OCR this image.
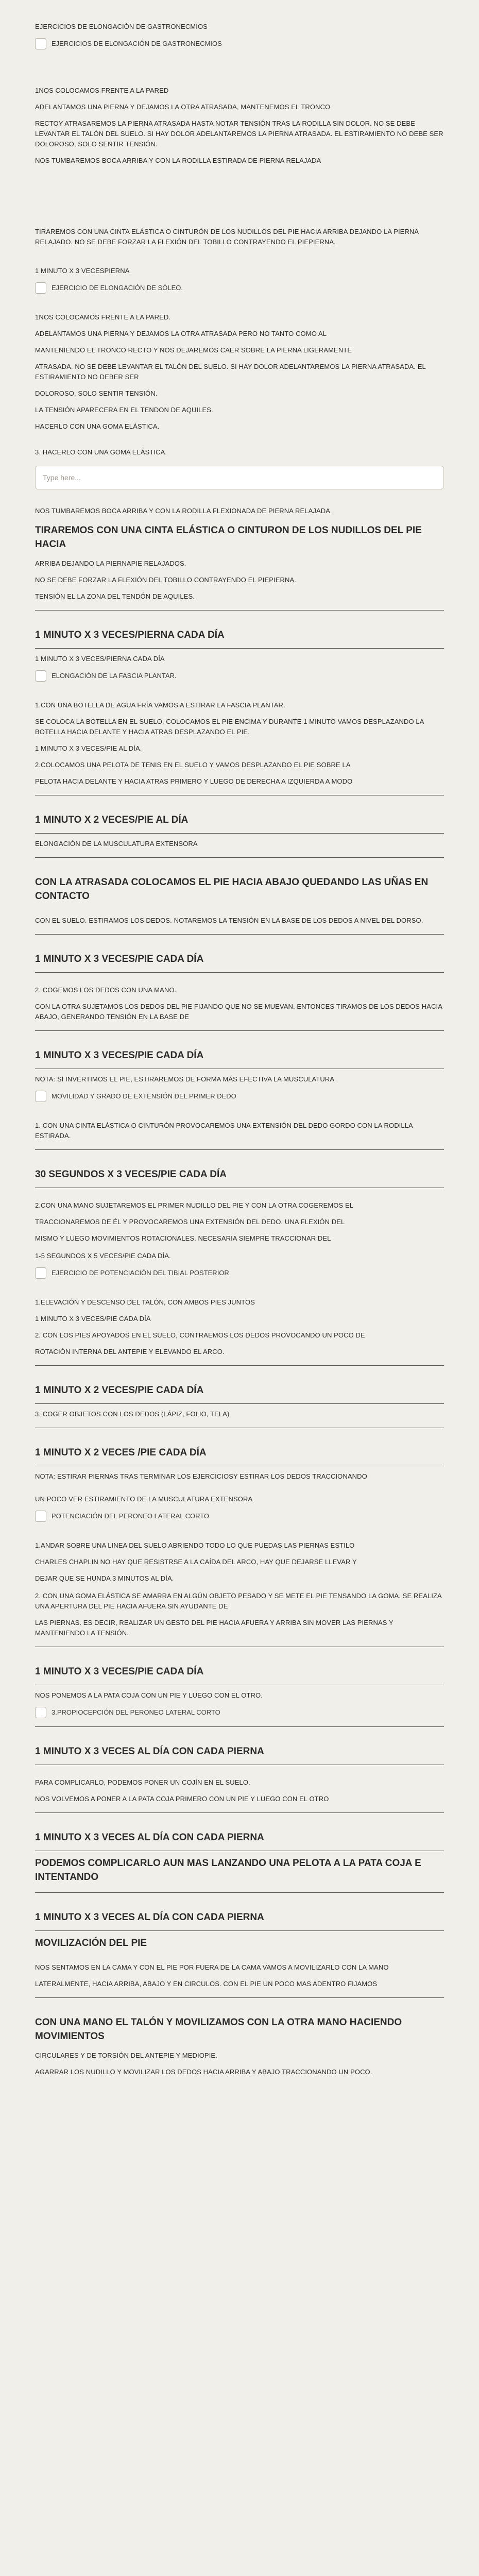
EJERCICIOS DE ELONGACIÓN DE GASTRONECMIOS

EJERCICIOS DE ELONGACIÓN DE GASTRONECMIOS

1NOS COLOCAMOS FRENTE A LA PARED

ADELANTAMOS UNA PIERNA Y DEJAMOS LA OTRA ATRASADA, MANTENEMOS EL TRONCO

RECTOY ATRASAREMOS LA PIERNA ATRASADA HASTA NOTAR TENSIÓN TRAS LA RODILLA SIN DOLOR. NO SE DEBE LEVANTAR EL TALÓN DEL SUELO. SI HAY DOLOR ADELANTAREMOS LA PIERNA ATRASADA. EL ESTIRAMIENTO NO DEBE SER DOLOROSO, SOLO SENTIR TENSIÓN.

NOS TUMBAREMOS BOCA ARRIBA Y CON LA RODILLA ESTIRADA DE PIERNA RELAJADA

TIRAREMOS CON UNA CINTA ELÁSTICA O CINTURÓN DE LOS NUDILLOS DEL PIE HACIA ARRIBA DEJANDO LA PIERNA RELAJADO. NO SE DEBE FORZAR LA FLEXIÓN DEL TOBILLO CONTRAYENDO EL PIEPIERNA.

1 MINUTO X 3 VECESPIERNA

EJERCICIO DE ELONGACIÓN DE SÓLEO.

1NOS COLOCAMOS FRENTE A LA PARED.

ADELANTAMOS UNA PIERNA Y DEJAMOS LA OTRA ATRASADA PERO NO TANTO COMO AL

MANTENIENDO EL TRONCO RECTO Y NOS DEJAREMOS CAER SOBRE LA PIERNA LIGERAMENTE

ATRASADA. NO SE DEBE LEVANTAR EL TALÓN DEL SUELO. SI HAY DOLOR ADELANTAREMOS LA PIERNA ATRASADA. EL ESTIRAMIENTO NO DEBER SER

DOLOROSO, SOLO SENTIR TENSIÓN.

LA TENSIÓN APARECERA EN EL TENDON DE AQUILES.

HACERLO CON UNA GOMA ELÁSTICA.

3. HACERLO CON UNA GOMA ELÁSTICA.

Type here...

NOS TUMBAREMOS BOCA ARRIBA Y CON LA RODILLA FLEXIONADA DE PIERNA RELAJADA

TIRAREMOS CON UNA CINTA ELÁSTICA O CINTURON DE LOS NUDILLOS DEL PIE HACIA

ARRIBA DEJANDO LA PIERNAPIE RELAJADOS.

NO SE DEBE FORZAR LA FLEXIÓN DEL TOBILLO CONTRAYENDO EL PIEPIERNA.

TENSIÓN EL LA ZONA DEL TENDÓN DE AQUILES.

1 MINUTO X 3 VECES/PIERNA CADA DÍA

1 MINUTO X 3 VECES/PIERNA CADA DÍA

ELONGACIÓN DE LA FASCIA PLANTAR.

1.CON UNA BOTELLA DE AGUA FRÍA VAMOS A ESTIRAR LA FASCIA PLANTAR.

SE COLOCA LA BOTELLA EN EL SUELO, COLOCAMOS EL PIE ENCIMA Y DURANTE 1 MINUTO VAMOS DESPLAZANDO LA BOTELLA HACIA DELANTE Y HACIA ATRAS DESPLAZANDO EL PIE.

1 MINUTO X 3 VECES/PIE AL DÍA.

2.COLOCAMOS UNA PELOTA DE TENIS EN EL SUELO Y VAMOS DESPLAZANDO EL PIE SOBRE LA

PELOTA HACIA DELANTE Y HACIA ATRAS PRIMERO Y LUEGO DE DERECHA A IZQUIERDA A MODO

1 MINUTO X 2 VECES/PIE AL DÍA

ELONGACIÓN DE LA MUSCULATURA EXTENSORA

CON LA ATRASADA COLOCAMOS EL PIE HACIA ABAJO QUEDANDO LAS UÑAS EN CONTACTO

CON EL SUELO. ESTIRAMOS LOS DEDOS. NOTAREMOS LA TENSIÓN EN LA BASE DE LOS DEDOS A NIVEL DEL DORSO.

1 MINUTO X 3 VECES/PIE CADA DÍA

2. COGEMOS LOS DEDOS CON UNA MANO.

CON LA OTRA SUJETAMOS LOS DEDOS DEL PIE FIJANDO QUE NO SE MUEVAN. ENTONCES TIRAMOS DE LOS DEDOS HACIA ABAJO, GENERANDO TENSIÓN EN LA BASE DE

1 MINUTO X 3 VECES/PIE CADA DÍA

NOTA: SI INVERTIMOS EL PIE, ESTIRAREMOS DE FORMA MÁS EFECTIVA LA MUSCULATURA

MOVILIDAD Y GRADO DE EXTENSIÓN DEL PRIMER DEDO

1. CON UNA CINTA ELÁSTICA O CINTURÓN PROVOCAREMOS UNA EXTENSIÓN DEL DEDO GORDO CON LA RODILLA ESTIRADA.

30 SEGUNDOS X 3 VECES/PIE CADA DÍA

2.CON UNA MANO SUJETAREMOS EL PRIMER NUDILLO DEL PIE Y CON LA OTRA COGEREMOS EL

TRACCIONAREMOS DE ÉL Y PROVOCAREMOS UNA EXTENSIÓN DEL DEDO. UNA FLEXIÓN DEL

MISMO Y LUEGO MOVIMIENTOS ROTACIONALES. NECESARIA SIEMPRE TRACCIONAR DEL

1-5 SEGUNDOS X 5 VECES/PIE CADA DÍA.

EJERCICIO DE POTENCIACIÓN DEL TIBIAL POSTERIOR

1.ELEVACIÓN Y DESCENSO DEL TALÓN, CON AMBOS PIES JUNTOS

1 MINUTO X 3 VECES/PIE CADA DÍA

2. CON LOS PIES APOYADOS EN EL SUELO, CONTRAEMOS LOS DEDOS PROVOCANDO UN POCO DE

ROTACIÓN INTERNA DEL ANTEPIE Y ELEVANDO EL ARCO.

1 MINUTO X 2 VECES/PIE CADA DÍA

3. COGER OBJETOS CON LOS DEDOS (LÁPIZ, FOLIO, TELA)

1 MINUTO X 2 VECES /PIE CADA DÍA

NOTA: ESTIRAR PIERNAS TRAS TERMINAR LOS EJERCICIOSY ESTIRAR LOS DEDOS TRACCIONANDO

UN POCO VER ESTIRAMIENTO DE LA MUSCULATURA EXTENSORA

POTENCIACIÓN DEL PERONEO LATERAL CORTO

1.ANDAR SOBRE UNA LINEA DEL SUELO ABRIENDO TODO LO QUE PUEDAS LAS PIERNAS ESTILO

CHARLES CHAPLIN NO HAY QUE RESISTRSE A LA CAÍDA DEL ARCO, HAY QUE DEJARSE LLEVAR Y

DEJAR QUE SE HUNDA 3 MINUTOS AL DÍA.

2. CON UNA GOMA ELÁSTICA SE AMARRA EN ALGÚN OBJETO PESADO Y SE METE EL PIE TENSANDO LA GOMA. SE REALIZA UNA APERTURA DEL PIE HACIA AFUERA SIN AYUDANTE DE

LAS PIERNAS. ES DECIR, REALIZAR UN GESTO DEL PIE HACIA AFUERA Y ARRIBA SIN MOVER LAS PIERNAS Y MANTENIENDO LA TENSIÓN.

1 MINUTO X 3 VECES/PIE CADA DÍA

NOS PONEMOS A LA PATA COJA CON UN PIE Y LUEGO CON EL OTRO.

3.PROPIOCEPCIÓN DEL PERONEO LATERAL CORTO
1 MINUTO X 3 VECES AL DÍA CON CADA PIERNA

PARA COMPLICARLO, PODEMOS PONER UN COJÍN EN EL SUELO.

NOS VOLVEMOS A PONER A LA PATA COJA PRIMERO CON UN PIE Y LUEGO CON EL OTRO

1 MINUTO X 3 VECES AL DÍA CON CADA PIERNA
PODEMOS COMPLICARLO AUN MAS LANZANDO UNA PELOTA A LA PATA COJA E INTENTANDO
1 MINUTO X 3 VECES AL DÍA CON CADA PIERNA
MOVILIZACIÓN DEL PIE

NOS SENTAMOS EN LA CAMA Y CON EL PIE POR FUERA DE LA CAMA VAMOS A MOVILIZARLO CON LA MANO

LATERALMENTE, HACIA ARRIBA, ABAJO Y EN CIRCULOS. CON EL PIE UN POCO MAS ADENTRO FIJAMOS

CON UNA MANO EL TALÓN Y MOVILIZAMOS CON LA OTRA MANO HACIENDO MOVIMIENTOS

CIRCULARES Y DE TORSIÓN DEL ANTEPIE Y MEDIOPIE.

AGARRAR LOS NUDILLO Y MOVILIZAR LOS DEDOS HACIA ARRIBA Y ABAJO TRACCIONANDO UN POCO.
